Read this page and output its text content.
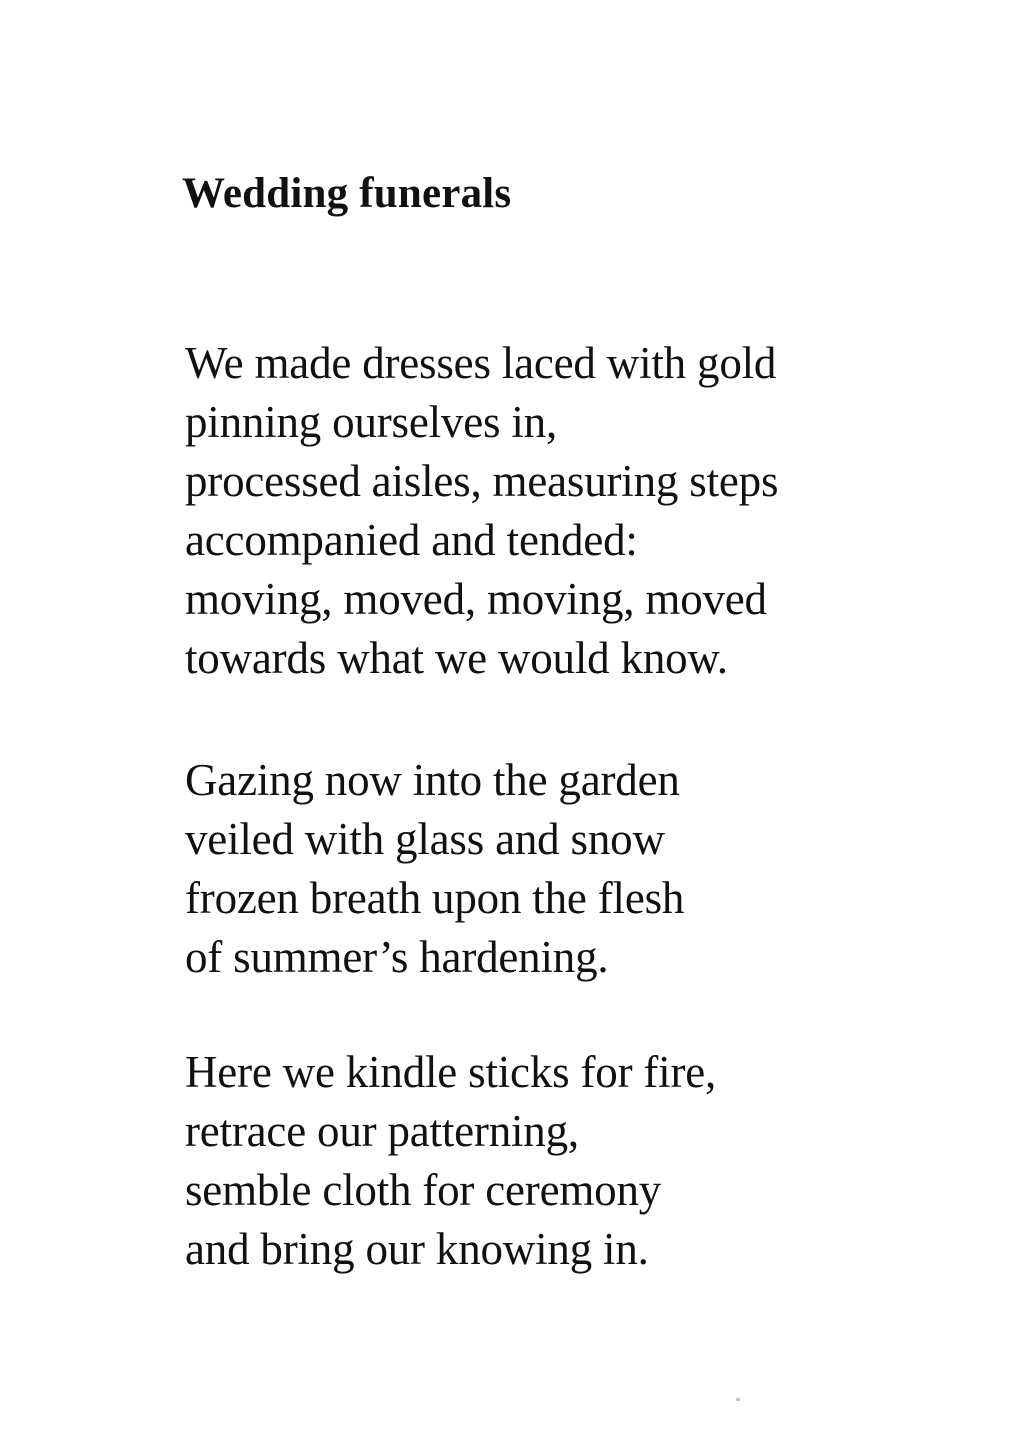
Wedding funerals
We made dresses laced with gold
pinning ourselves in,
processed aisles, measuring steps
accompanied and tended:
moving, moved, moving, moved
towards what we would know.
Gazing now into the garden
veiled with glass and snow
frozen breath upon the flesh
of summer’s hardening.
Here we kindle sticks for fire,
retrace our patterning,
semble cloth for ceremony
and bring our knowing in.
